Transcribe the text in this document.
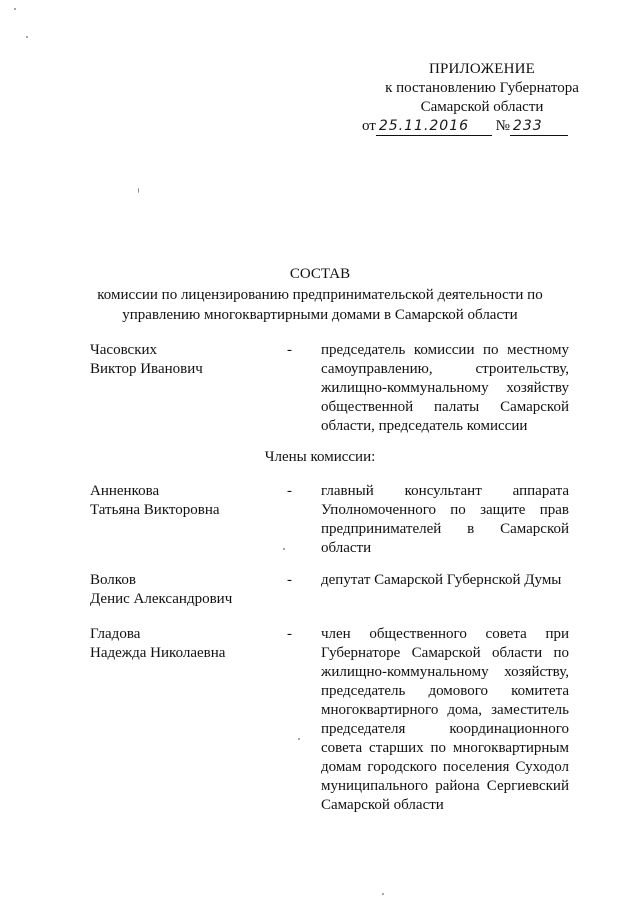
ПРИЛОЖЕНИЕ
к постановлению Губернатора
Самарской области
от 25.11.2016 № 233
СОСТАВ
комиссии по лицензированию предпринимательской деятельности по
управлению многоквартирными домами в Самарской области
Часовских
Виктор Иванович
- председатель комиссии по местному самоуправлению, строительству, жилищно-коммунальному хозяйству общественной палаты Самарской области, председатель комиссии
Члены комиссии:
Анненкова
Татьяна Викторовна
- главный консультант аппарата Уполномоченного по защите прав предпринимателей в Самарской области
Волков
Денис Александрович
- депутат Самарской Губернской Думы
Гладова
Надежда Николаевна
- член общественного совета при Губернаторе Самарской области по жилищно-коммунальному хозяйству, председатель домового комитета многоквартирного дома, заместитель председателя координационного совета старших по многоквартирным домам городского поселения Суходол муниципального района Сергиевский Самарской области
